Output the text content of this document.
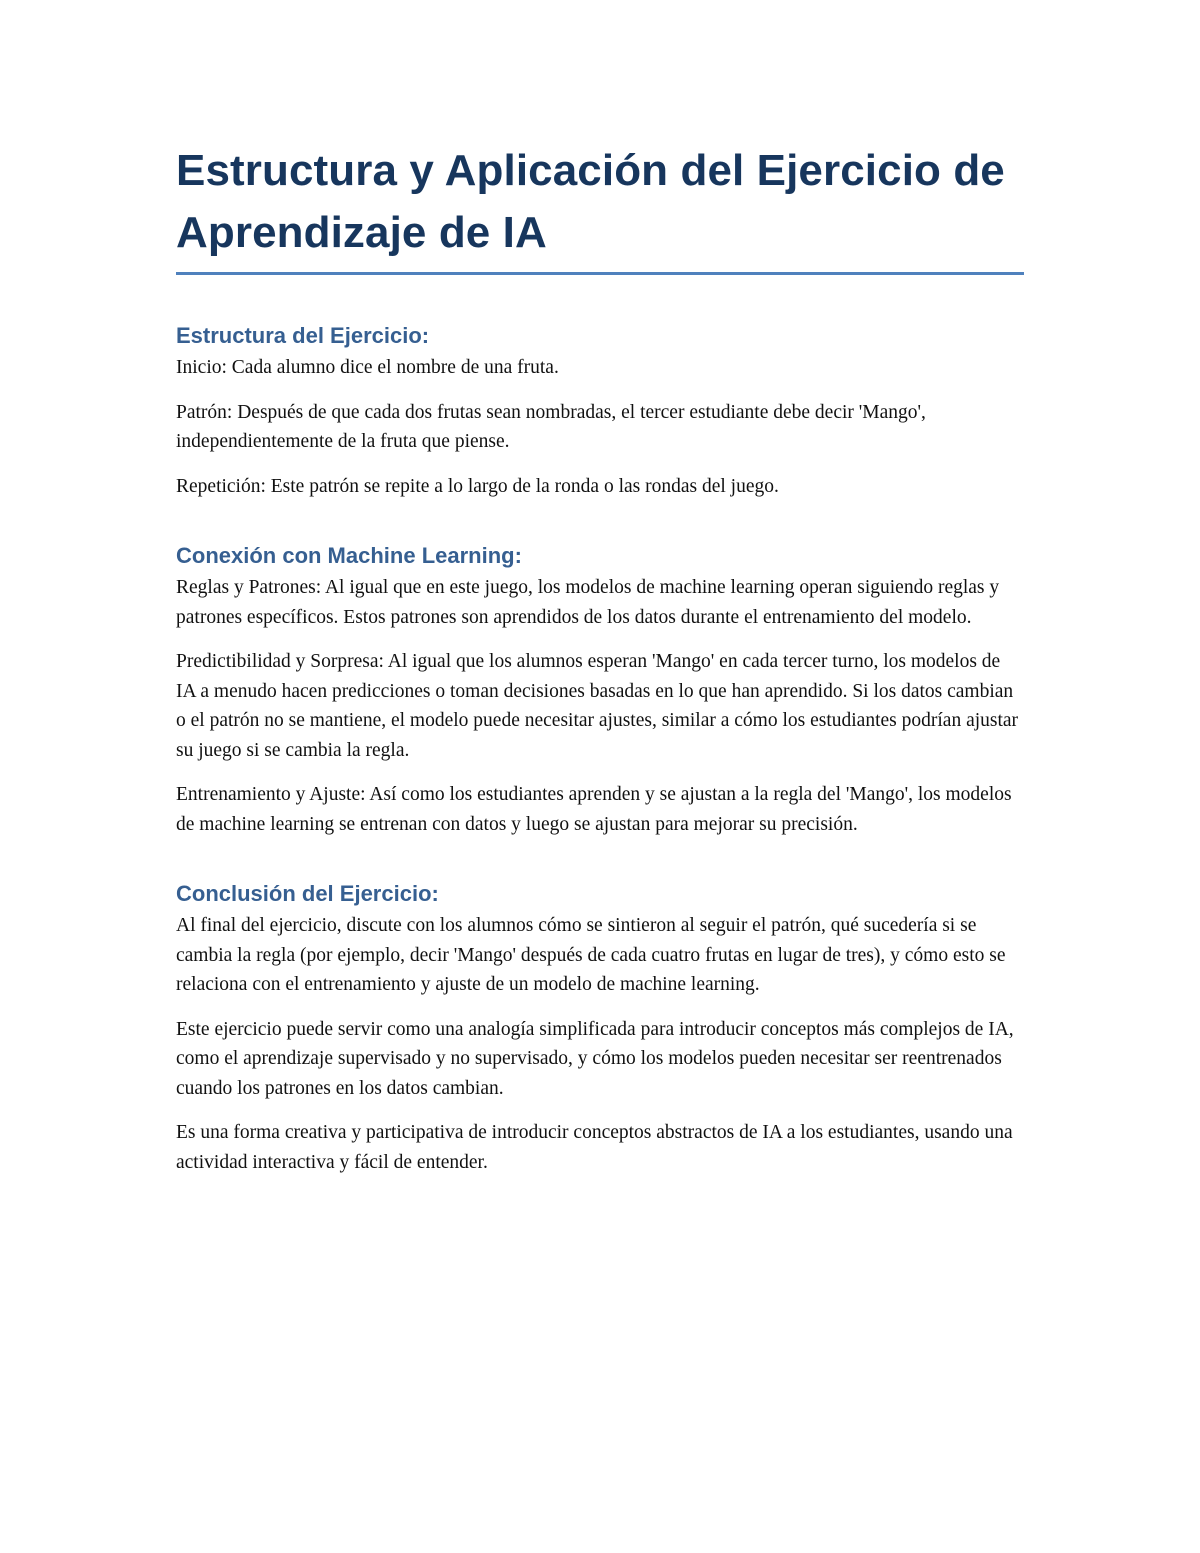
Estructura y Aplicación del Ejercicio de Aprendizaje de IA
Estructura del Ejercicio:

Inicio: Cada alumno dice el nombre de una fruta.

Patrón: Después de que cada dos frutas sean nombradas, el tercer estudiante debe decir 'Mango', independientemente de la fruta que piense.

Repetición: Este patrón se repite a lo largo de la ronda o las rondas del juego.

Conexión con Machine Learning:

Reglas y Patrones: Al igual que en este juego, los modelos de machine learning operan siguiendo reglas y patrones específicos. Estos patrones son aprendidos de los datos durante el entrenamiento del modelo.

Predictibilidad y Sorpresa: Al igual que los alumnos esperan 'Mango' en cada tercer turno, los modelos de IA a menudo hacen predicciones o toman decisiones basadas en lo que han aprendido. Si los datos cambian o el patrón no se mantiene, el modelo puede necesitar ajustes, similar a cómo los estudiantes podrían ajustar su juego si se cambia la regla.

Entrenamiento y Ajuste: Así como los estudiantes aprenden y se ajustan a la regla del 'Mango', los modelos de machine learning se entrenan con datos y luego se ajustan para mejorar su precisión.

Conclusión del Ejercicio:

Al final del ejercicio, discute con los alumnos cómo se sintieron al seguir el patrón, qué sucedería si se cambia la regla (por ejemplo, decir 'Mango' después de cada cuatro frutas en lugar de tres), y cómo esto se relaciona con el entrenamiento y ajuste de un modelo de machine learning.

Este ejercicio puede servir como una analogía simplificada para introducir conceptos más complejos de IA, como el aprendizaje supervisado y no supervisado, y cómo los modelos pueden necesitar ser reentrenados cuando los patrones en los datos cambian.

Es una forma creativa y participativa de introducir conceptos abstractos de IA a los estudiantes, usando una actividad interactiva y fácil de entender.
